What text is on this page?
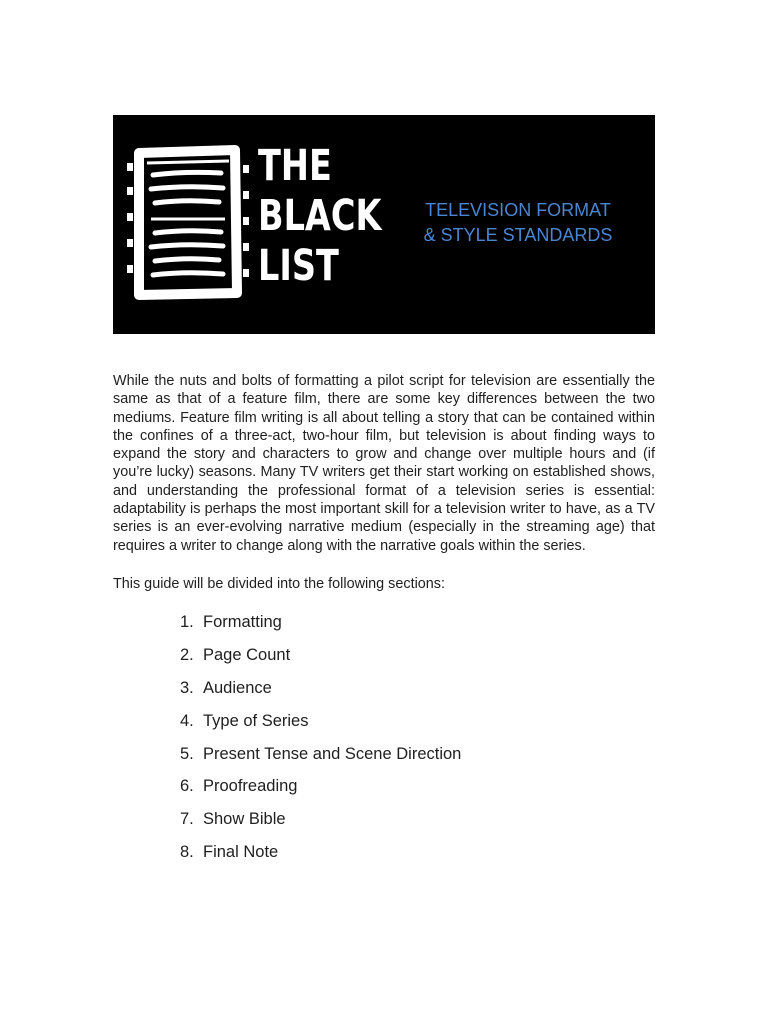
THE
BLACK
LIST
TELEVISION FORMAT
& STYLE STANDARDS

While the nuts and bolts of formatting a pilot script for television are essentially the same as that of a feature film, there are some key differences between the two mediums. Feature film writing is all about telling a story that can be contained within the confines of a three-act, two-hour film, but television is about finding ways to expand the story and characters to grow and change over multiple hours and (if you’re lucky) seasons. Many TV writers get their start working on established shows, and understanding the professional format of a television series is essential: adaptability is perhaps the most important skill for a television writer to have, as a TV series is an ever-evolving narrative medium (especially in the streaming age) that requires a writer to change along with the narrative goals within the series.

This guide will be divided into the following sections:

1. Formatting
2. Page Count
3. Audience
4. Type of Series
5. Present Tense and Scene Direction
6. Proofreading
7. Show Bible
8. Final Note
